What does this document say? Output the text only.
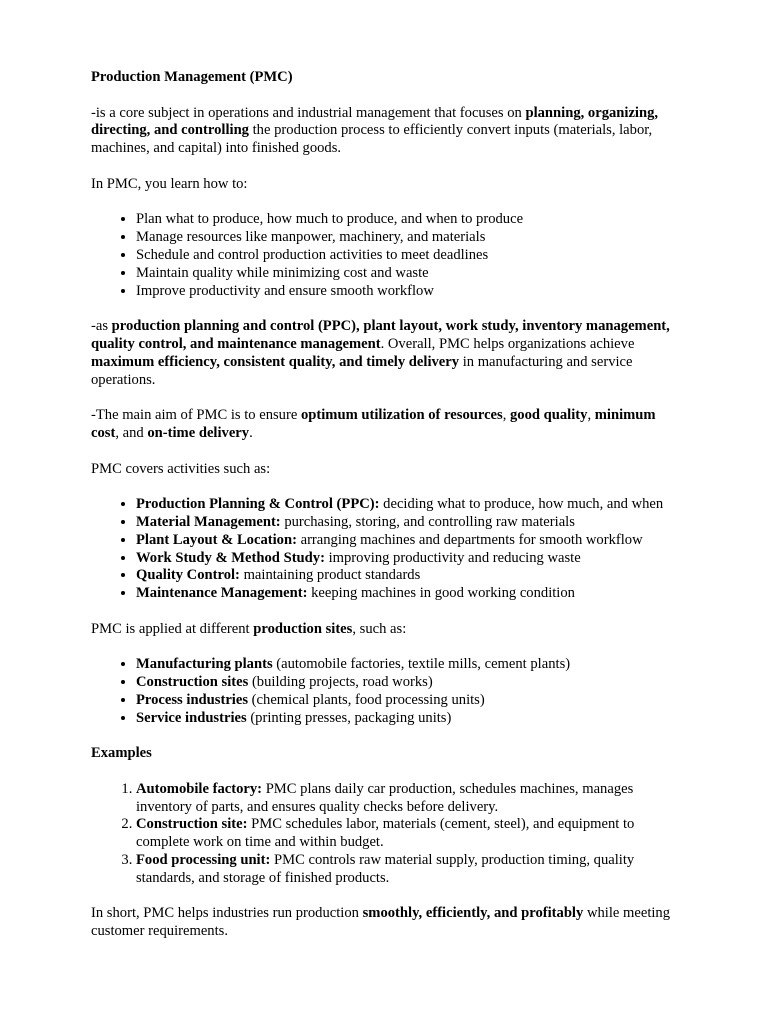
Production Management (PMC)

-is a core subject in operations and industrial management that focuses on planning, organizing, directing, and controlling the production process to efficiently convert inputs (materials, labor, machines, and capital) into finished goods.

In PMC, you learn how to:

• Plan what to produce, how much to produce, and when to produce
• Manage resources like manpower, machinery, and materials
• Schedule and control production activities to meet deadlines
• Maintain quality while minimizing cost and waste
• Improve productivity and ensure smooth workflow

-as production planning and control (PPC), plant layout, work study, inventory management, quality control, and maintenance management. Overall, PMC helps organizations achieve maximum efficiency, consistent quality, and timely delivery in manufacturing and service operations.

-The main aim of PMC is to ensure optimum utilization of resources, good quality, minimum cost, and on-time delivery.

PMC covers activities such as:

• Production Planning & Control (PPC): deciding what to produce, how much, and when
• Material Management: purchasing, storing, and controlling raw materials
• Plant Layout & Location: arranging machines and departments for smooth workflow
• Work Study & Method Study: improving productivity and reducing waste
• Quality Control: maintaining product standards
• Maintenance Management: keeping machines in good working condition

PMC is applied at different production sites, such as:

• Manufacturing plants (automobile factories, textile mills, cement plants)
• Construction sites (building projects, road works)
• Process industries (chemical plants, food processing units)
• Service industries (printing presses, packaging units)

Examples

1. Automobile factory: PMC plans daily car production, schedules machines, manages inventory of parts, and ensures quality checks before delivery.
2. Construction site: PMC schedules labor, materials (cement, steel), and equipment to complete work on time and within budget.
3. Food processing unit: PMC controls raw material supply, production timing, quality standards, and storage of finished products.

In short, PMC helps industries run production smoothly, efficiently, and profitably while meeting customer requirements.
